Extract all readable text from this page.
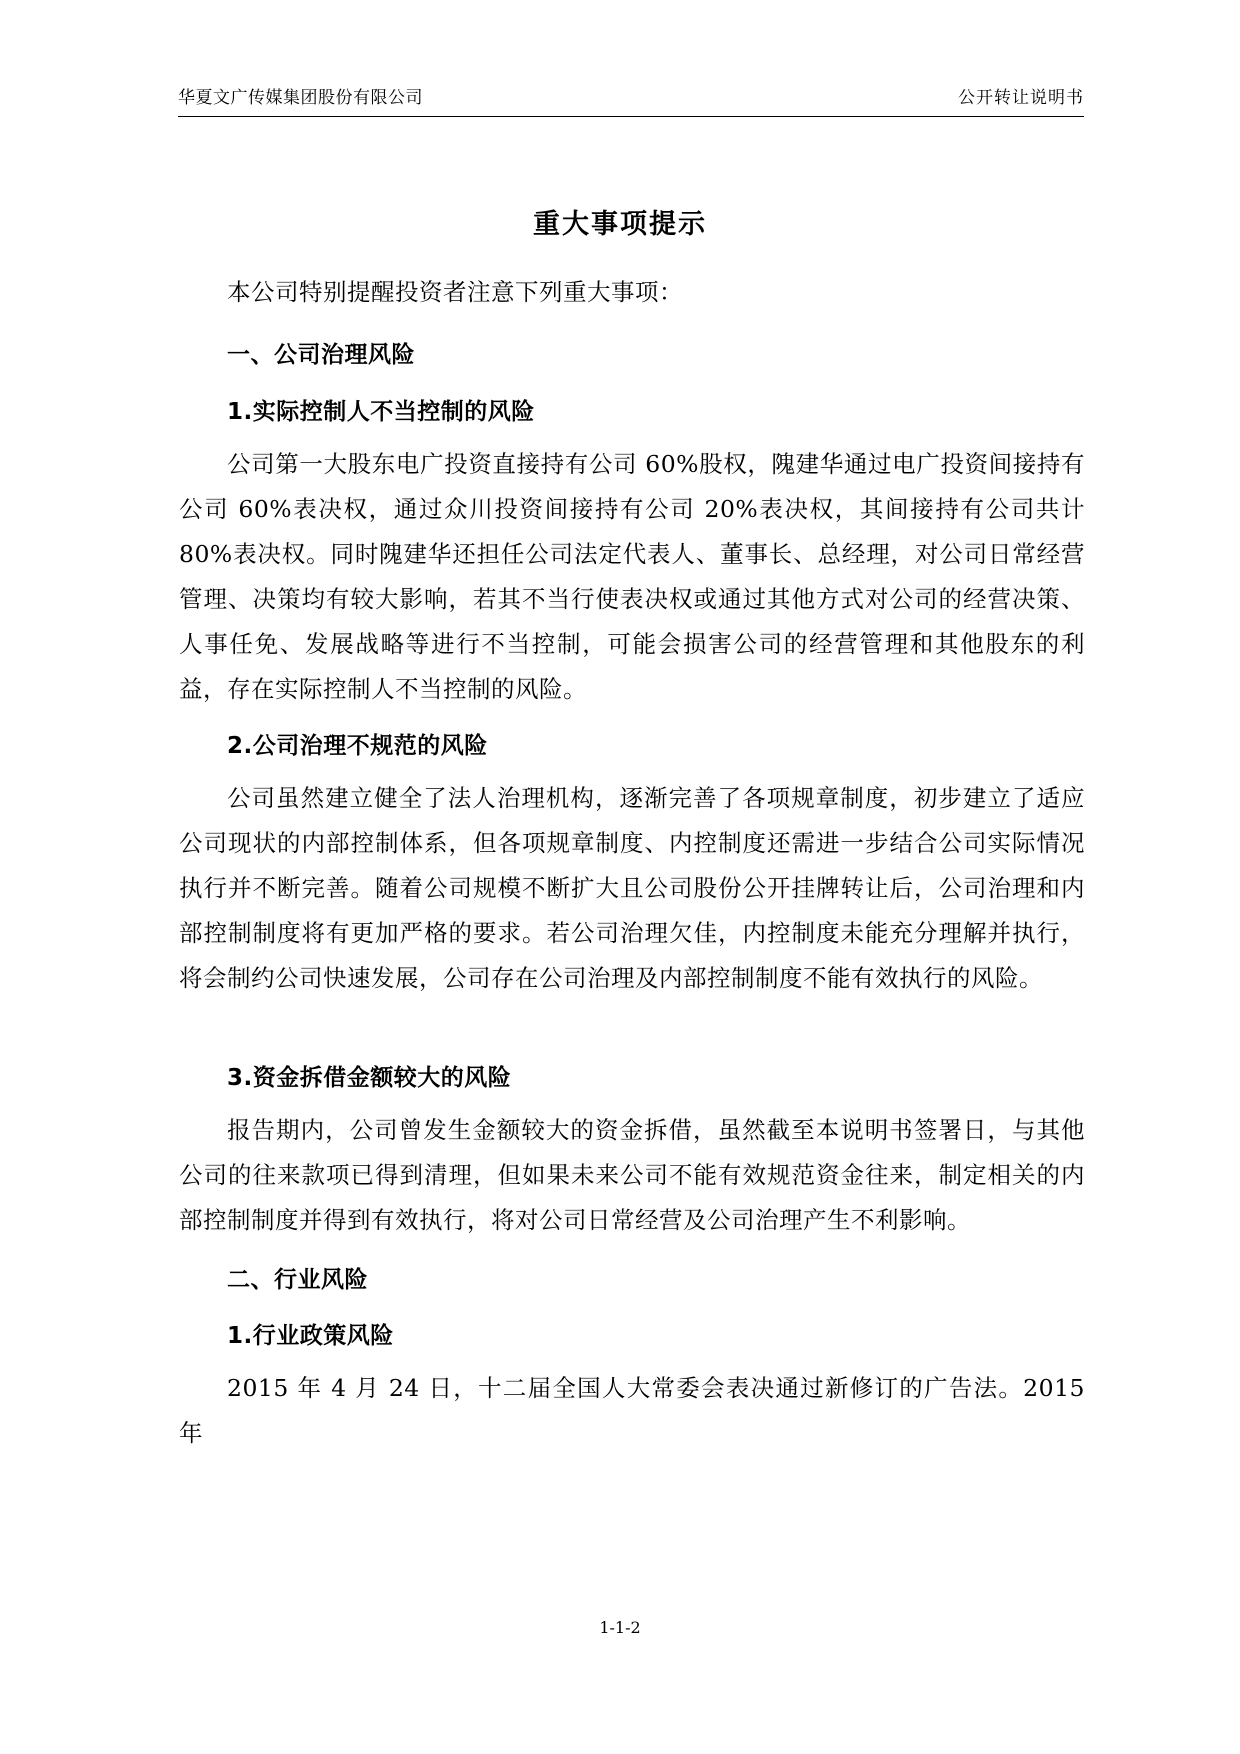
华夏文广传媒集团股份有限公司	公开转让说明书
重大事项提示

本公司特别提醒投资者注意下列重大事项：

一、公司治理风险
1.实际控制人不当控制的风险

公司第一大股东电广投资直接持有公司 60%股权，隗建华通过电广投资间接持有公司 60%表决权，通过众川投资间接持有公司 20%表决权，其间接持有公司共计 80%表决权。同时隗建华还担任公司法定代表人、董事长、总经理，对公司日常经营管理、决策均有较大影响，若其不当行使表决权或通过其他方式对公司的经营决策、人事任免、发展战略等进行不当控制，可能会损害公司的经营管理和其他股东的利益，存在实际控制人不当控制的风险。

2.公司治理不规范的风险

公司虽然建立健全了法人治理机构，逐渐完善了各项规章制度，初步建立了适应公司现状的内部控制体系，但各项规章制度、内控制度还需进一步结合公司实际情况执行并不断完善。随着公司规模不断扩大且公司股份公开挂牌转让后，公司治理和内部控制制度将有更加严格的要求。若公司治理欠佳，内控制度未能充分理解并执行，将会制约公司快速发展，公司存在公司治理及内部控制制度不能有效执行的风险。

3.资金拆借金额较大的风险

报告期内，公司曾发生金额较大的资金拆借，虽然截至本说明书签署日，与其他公司的往来款项已得到清理，但如果未来公司不能有效规范资金往来，制定相关的内部控制制度并得到有效执行，将对公司日常经营及公司治理产生不利影响。

二、行业风险
1.行业政策风险

2015 年 4 月 24 日，十二届全国人大常委会表决通过新修订的广告法。2015 年

1-1-2
